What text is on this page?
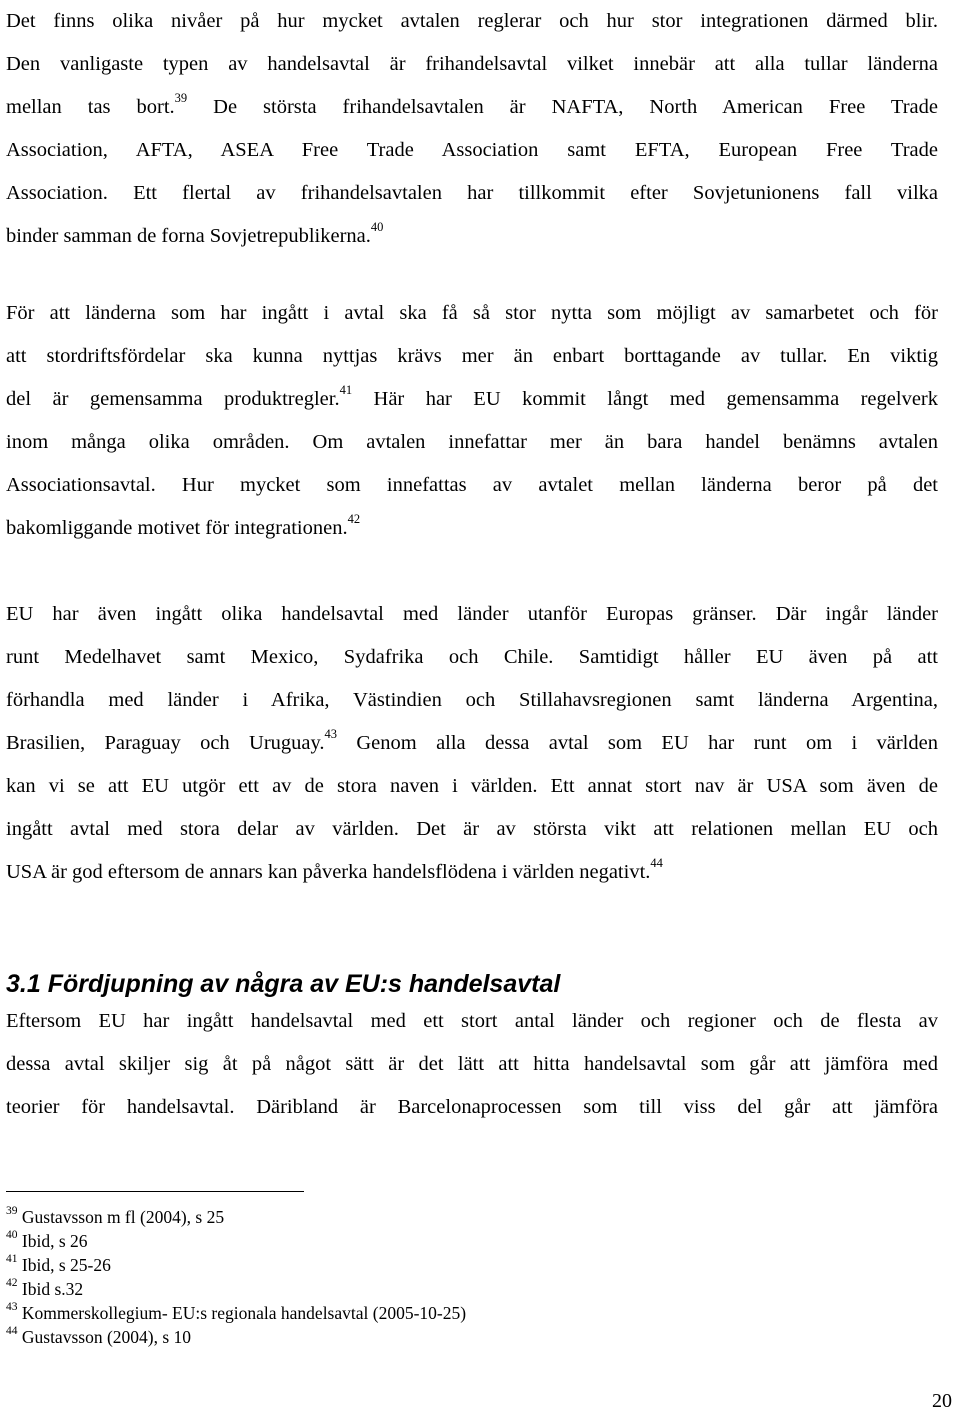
Det finns olika nivåer på hur mycket avtalen reglerar och hur stor integrationen därmed blir.
Den vanligaste typen av handelsavtal är frihandelsavtal vilket innebär att alla tullar länderna
mellan tas bort.$^{39}$ De största frihandelsavtalen är NAFTA, North American Free Trade
Association, AFTA, ASEA Free Trade Association samt EFTA, European Free Trade
Association. Ett flertal av frihandelsavtalen har tillkommit efter Sovjetunionens fall vilka
binder samman de forna Sovjetrepublikerna.$^{40}$
För att länderna som har ingått i avtal ska få så stor nytta som möjligt av samarbetet och för
att stordriftsfördelar ska kunna nyttjas krävs mer än enbart borttagande av tullar. En viktig
del är gemensamma produktregler.$^{41}$ Här har EU kommit långt med gemensamma regelverk
inom många olika områden. Om avtalen innefattar mer än bara handel benämns avtalen
Associationsavtal. Hur mycket som innefattas av avtalet mellan länderna beror på det
bakomliggande motivet för integrationen.$^{42}$
EU har även ingått olika handelsavtal med länder utanför Europas gränser. Där ingår länder
runt Medelhavet samt Mexico, Sydafrika och Chile. Samtidigt håller EU även på att
förhandla med länder i Afrika, Västindien och Stillahavsregionen samt länderna Argentina,
Brasilien, Paraguay och Uruguay.$^{43}$ Genom alla dessa avtal som EU har runt om i världen
kan vi se att EU utgör ett av de stora naven i världen. Ett annat stort nav är USA som även de
ingått avtal med stora delar av världen. Det är av största vikt att relationen mellan EU och
USA är god eftersom de annars kan påverka handelsflödena i världen negativt.$^{44}$
3.1 Fördjupning av några av EU:s handelsavtal
Eftersom EU har ingått handelsavtal med ett stort antal länder och regioner och de flesta av
dessa avtal skiljer sig åt på något sätt är det lätt att hitta handelsavtal som går att jämföra med
teorier för handelsavtal. Däribland är Barcelonaprocessen som till viss del går att jämföra
$^{39}$ Gustavsson m fl (2004), s 25
$^{40}$ Ibid, s 26
$^{41}$ Ibid, s 25-26
$^{42}$ Ibid s.32
$^{43}$ Kommerskollegium- EU:s regionala handelsavtal (2005-10-25)
$^{44}$ Gustavsson (2004), s 10
20
